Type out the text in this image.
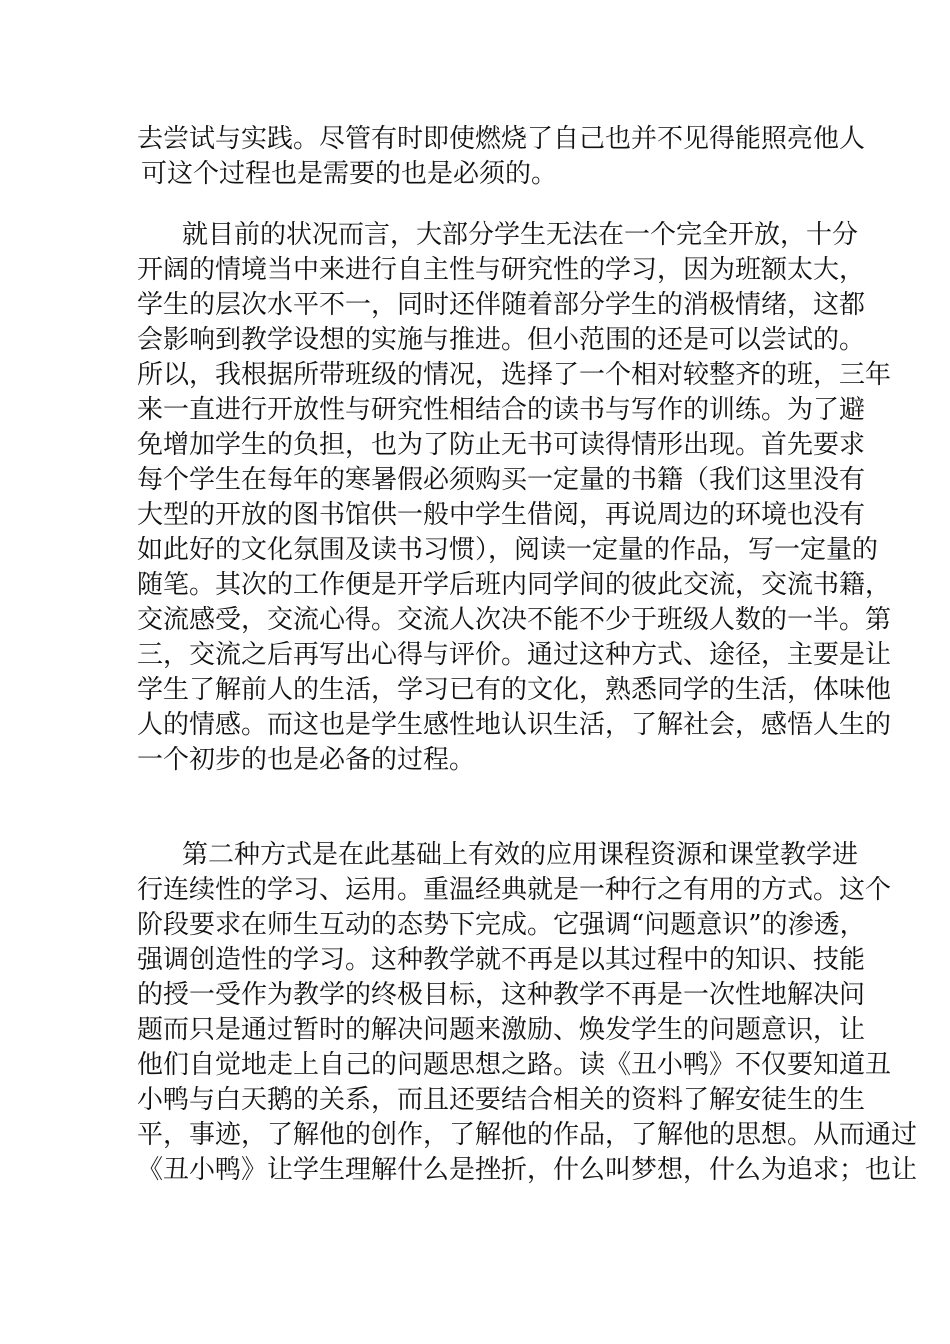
去尝试与实践。尽管有时即使燃烧了自己也并不见得能照亮他人
可这个过程也是需要的也是必须的。
就目前的状况而言，大部分学生无法在一个完全开放，十分
开阔的情境当中来进行自主性与研究性的学习，因为班额太大，
学生的层次水平不一，同时还伴随着部分学生的消极情绪，这都
会影响到教学设想的实施与推进。但小范围的还是可以尝试的。
所以，我根据所带班级的情况，选择了一个相对较整齐的班，三年
来一直进行开放性与研究性相结合的读书与写作的训练。为了避
免增加学生的负担，也为了防止无书可读得情形出现。首先要求
每个学生在每年的寒暑假必须购买一定量的书籍（我们这里没有
大型的开放的图书馆供一般中学生借阅，再说周边的环境也没有
如此好的文化氛围及读书习惯），阅读一定量的作品，写一定量的
随笔。其次的工作便是开学后班内同学间的彼此交流，交流书籍，
交流感受，交流心得。交流人次决不能不少于班级人数的一半。第
三，交流之后再写出心得与评价。通过这种方式、途径，主要是让
学生了解前人的生活，学习已有的文化，熟悉同学的生活，体味他
人的情感。而这也是学生感性地认识生活，了解社会，感悟人生的
一个初步的也是必备的过程。
第二种方式是在此基础上有效的应用课程资源和课堂教学进
行连续性的学习、运用。重温经典就是一种行之有用的方式。这个
阶段要求在师生互动的态势下完成。它强调“问题意识”的渗透，
强调创造性的学习。这种教学就不再是以其过程中的知识、技能
的授一受作为教学的终极目标，这种教学不再是一次性地解决问
题而只是通过暂时的解决问题来激励、焕发学生的问题意识，让
他们自觉地走上自己的问题思想之路。读《丑小鸭》不仅要知道丑
小鸭与白天鹅的关系，而且还要结合相关的资料了解安徒生的生
平，事迹，了解他的创作，了解他的作品，了解他的思想。从而通过
《丑小鸭》让学生理解什么是挫折，什么叫梦想，什么为追求；也让
